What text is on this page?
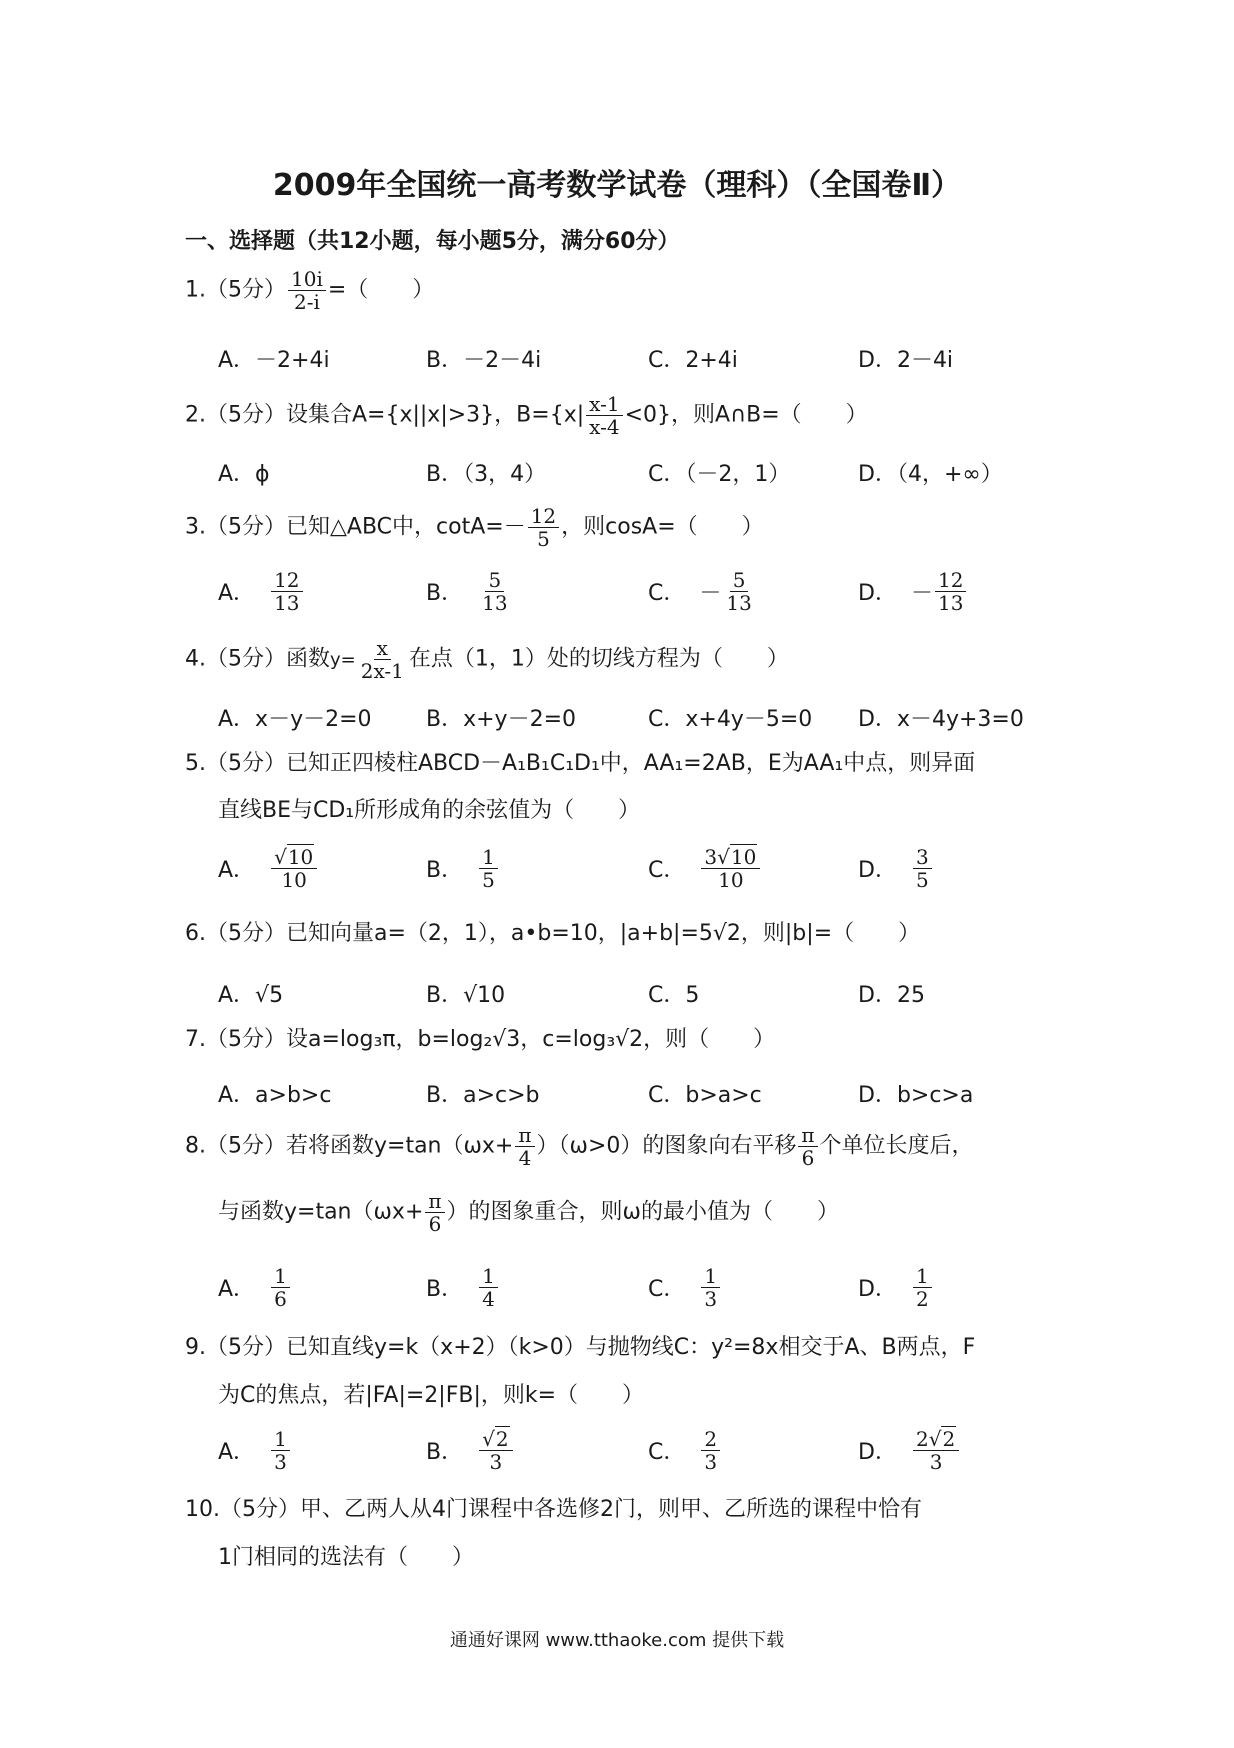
2009年全国统一高考数学试卷（理科）（全国卷Ⅱ）
一、选择题（共12小题，每小题5分，满分60分）
1.（5分） $\frac{10i}{2-i}$ =（　　）
A．－2+4i	B．－2－4i	C．2+4i	D．2－4i
2.（5分）设集合A={x||x|>3}，$B=\{x| \frac{x-1}{x-4} <0\}$，则A∩B=（　　）
A．ϕ	B．（3，4）	C．（－2，1）	D．（4，+∞）
3.（5分）已知△ABC中，$\cot A=- \frac{12}{5}$ ，则cosA=（　　）
A． $\frac{12}{13}$	B． $\frac{5}{13}$	C． － $\frac{5}{13}$	D． － $\frac{12}{13}$
4.（5分）函数$y= \frac{x}{2x-1}$ 在点（1，1）处的切线方程为（　　）
A．x－y－2=0 B．x+y－2=0	C．x+4y－5=0 D．x－4y+3=0
5.（5分）已知正四棱柱ABCD－A₁B₁C₁D₁中，AA₁=2AB，E为AA₁中点，则异面
直线BE与CD₁所形成角的余弦值为（　　）
A． $\frac{√10}{10}$	B． $\frac{1}{5}$	C． $\frac{3√10}{10}$	D． $\frac{3}{5}$
6.（5分）已知向量a=（2，1），a•b=10，|a+b|=5√2，则|b|=（　　）
A．√5	B．√10	C．5	D．25
7.（5分）设a=log₃π，b=log₂√3，c=log₃√2，则（　　）
A．a>b>c	B．a>c>b	C．b>a>c	D．b>c>a
8.（5分）若将函数$y=\tan(\omega x+ \frac{\pi}{4} )(\omega>0)$的图象向右平移 $\frac{\pi}{6}$ 个单位长度后，
与函数$y=\tan(\omega x+ \frac{\pi}{6}$ ）的图象重合，则ω的最小值为（　　）
A． $\frac{1}{6}$	B． $\frac{1}{4}$	C． $\frac{1}{3}$	D． $\frac{1}{2}$
9.（5分）已知直线y=k（x+2）（k>0）与抛物线C：y²=8x相交于A、B两点，F
为C的焦点，若|FA|=2|FB|，则k=（　　）
A． $\frac{1}{3}$	B． $\frac{√2}{3}$	C． $\frac{2}{3}$	D． $\frac{2√2}{3}$
10.（5分）甲、乙两人从4门课程中各选修2门，则甲、乙所选的课程中恰有
1门相同的选法有（　　）
通通好课网 www.tthaoke.com 提供下载
